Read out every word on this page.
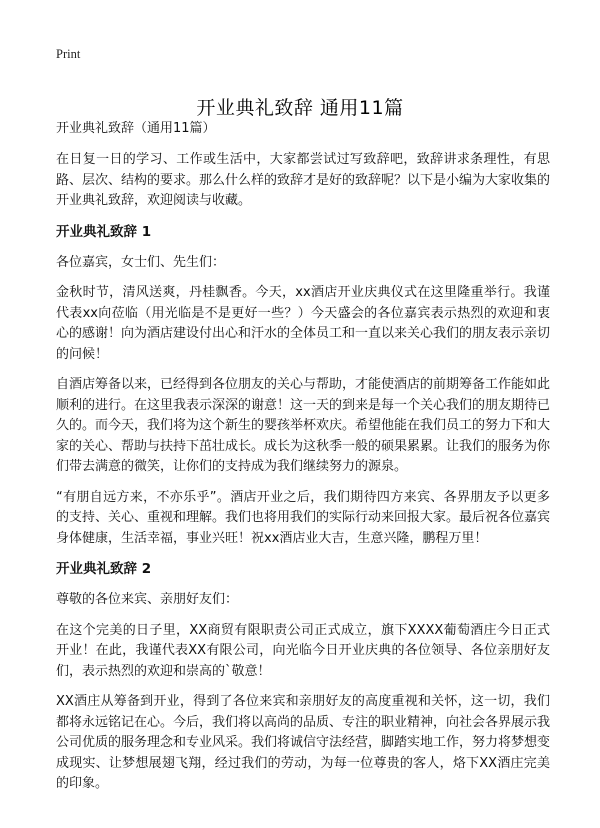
Print
开业典礼致辞 通用11篇
开业典礼致辞（通用11篇）

在日复一日的学习、工作或生活中，大家都尝试过写致辞吧，致辞讲求条理性，有思路、层次、结构的要求。那么什么样的致辞才是好的致辞呢？以下是小编为大家收集的开业典礼致辞，欢迎阅读与收藏。

开业典礼致辞 1

各位嘉宾，女士们、先生们：

金秋时节，清风送爽，丹桂飘香。今天，xx酒店开业庆典仪式在这里隆重举行。我谨代表xx向莅临（用光临是不是更好一些？）今天盛会的各位嘉宾表示热烈的欢迎和衷心的感谢！向为酒店建设付出心和汗水的全体员工和一直以来关心我们的朋友表示亲切的问候！

自酒店筹备以来，已经得到各位朋友的关心与帮助，才能使酒店的前期筹备工作能如此顺利的进行。在这里我表示深深的谢意！这一天的到来是每一个关心我们的朋友期待已久的。而今天，我们将为这个新生的婴孩举杯欢庆。希望他能在我们员工的努力下和大家的关心、帮助与扶持下茁壮成长。成长为这秋季一般的硕果累累。让我们的服务为你们带去满意的微笑，让你们的支持成为我们继续努力的源泉。

“有朋自远方来，不亦乐乎”。酒店开业之后，我们期待四方来宾、各界朋友予以更多的支持、关心、重视和理解。我们也将用我们的实际行动来回报大家。最后祝各位嘉宾身体健康，生活幸福，事业兴旺！祝xx酒店业大吉，生意兴隆，鹏程万里！

开业典礼致辞 2

尊敬的各位来宾、亲朋好友们：

在这个完美的日子里，XX商贸有限职责公司正式成立，旗下XXXX葡萄酒庄今日正式开业！在此，我谨代表XX有限公司，向光临今日开业庆典的各位领导、各位亲朋好友们，表示热烈的欢迎和崇高的`敬意！

XX酒庄从筹备到开业，得到了各位来宾和亲朋好友的高度重视和关怀，这一切，我们都将永远铭记在心。今后，我们将以高尚的品质、专注的职业精神，向社会各界展示我公司优质的服务理念和专业风采。我们将诚信守法经营，脚踏实地工作，努力将梦想变成现实、让梦想展翅飞翔，经过我们的劳动，为每一位尊贵的客人，烙下XX酒庄完美的印象。
